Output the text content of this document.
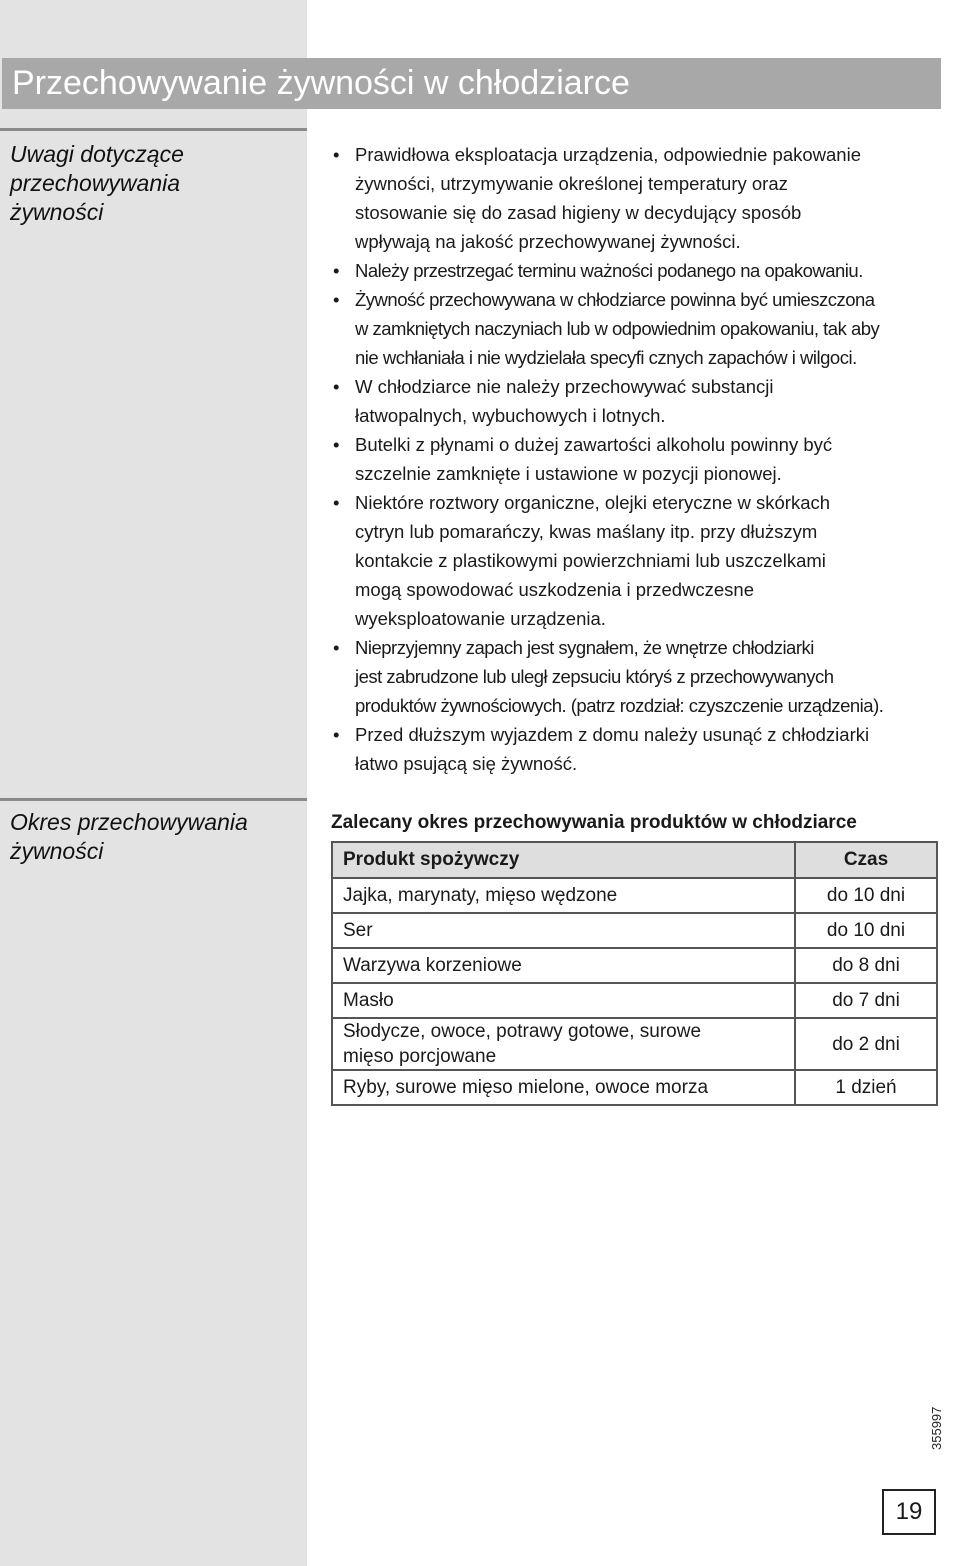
Przechowywanie żywności w chłodziarce
Uwagi dotyczące
przechowywania
żywności
• Prawidłowa eksploatacja urządzenia, odpowiednie pakowanie
żywności, utrzymywanie określonej temperatury oraz
stosowanie się do zasad higieny w decydujący sposób
wpływają na jakość przechowywanej żywności.
• Należy przestrzegać terminu ważności podanego na opakowaniu.
• Żywność przechowywana w chłodziarce powinna być umieszczona
w zamkniętych naczyniach lub w odpowiednim opakowaniu, tak aby
nie wchłaniała i nie wydzielała specyfi cznych zapachów i wilgoci.
• W chłodziarce nie należy przechowywać substancji
łatwopalnych, wybuchowych i lotnych.
• Butelki z płynami o dużej zawartości alkoholu powinny być
szczelnie zamknięte i ustawione w pozycji pionowej.
• Niektóre roztwory organiczne, olejki eteryczne w skórkach
cytryn lub pomarańczy, kwas maślany itp. przy dłuższym
kontakcie z plastikowymi powierzchniami lub uszczelkami
mogą spowodować uszkodzenia i przedwczesne
wyeksploatowanie urządzenia.
• Nieprzyjemny zapach jest sygnałem, że wnętrze chłodziarki
jest zabrudzone lub uległ zepsuciu któryś z przechowywanych
produktów żywnościowych. (patrz rozdział: czyszczenie urządzenia).
• Przed dłuższym wyjazdem z domu należy usunąć z chłodziarki
łatwo psującą się żywność.
Okres przechowywania
żywności
Zalecany okres przechowywania produktów w chłodziarce
Produkt spożywczy	Czas
Jajka, marynaty, mięso wędzone	do 10 dni
Ser	do 10 dni
Warzywa korzeniowe	do 8 dni
Masło	do 7 dni

Słodycze, owoce, potrawy gotowe, surowe
mięso porcjowane	do 2 dni
Ryby, surowe mięso mielone, owoce morza	1 dzień
355997
19
